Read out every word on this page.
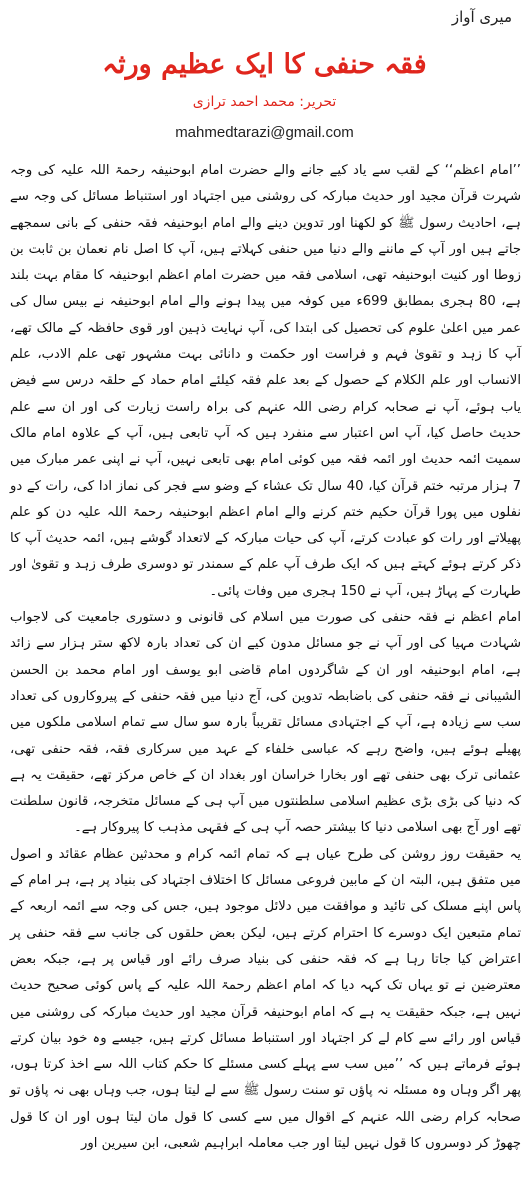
میری آواز
فقہ حنفی کا ایک عظیم ورثہ
تحریر: محمد احمد ترازی
mahmedtarazi@gmail.com

’’امام اعظم‘‘ کے لقب سے یاد کیے جانے والے حضرت امام ابوحنیفہ رحمۃ اللہ علیہ کی وجہ شہرت قرآن مجید اور حدیث مبارکہ کی روشنی میں اجتہاد اور استنباط مسائل کی وجہ سے ہے، احادیث رسول ﷺ کو لکھنا اور تدوین دینے والے امام ابوحنیفہ فقہ حنفی کے بانی سمجھے جاتے ہیں اور آپ کے ماننے والے دنیا میں حنفی کہلاتے ہیں، آپ کا اصل نام نعمان بن ثابت بن زوطا اور کنیت ابوحنیفہ تھی، اسلامی فقہ میں حضرت امام اعظم ابوحنیفہ کا مقام بہت بلند ہے، 80 ہجری بمطابق 699ء میں کوفہ میں پیدا ہونے والے امام ابوحنیفہ نے بیس سال کی عمر میں اعلیٰ علوم کی تحصیل کی ابتدا کی، آپ نہایت ذہین اور قوی حافظہ کے مالک تھے، آپ کا زہد و تقویٰ فہم و فراست اور حکمت و دانائی بہت مشہور تھی علم الادب، علم الانساب اور علم الکلام کے حصول کے بعد علم فقہ کیلئے امام حماد کے حلقہ درس سے فیض یاب ہوئے، آپ نے صحابہ کرام رضی اللہ عنہم کی براہ راست زیارت کی اور ان سے علم حدیث حاصل کیا، آپ اس اعتبار سے منفرد ہیں کہ آپ تابعی ہیں، آپ کے علاوہ امام مالک سمیت ائمہ حدیث اور ائمہ فقہ میں کوئی امام بھی تابعی نہیں، آپ نے اپنی عمر مبارک میں 7 ہزار مرتبہ ختم قرآن کیا، 40 سال تک عشاء کے وضو سے فجر کی نماز ادا کی، رات کے دو نفلوں میں پورا قرآن حکیم ختم کرنے والے امام اعظم ابوحنیفہ رحمۃ اللہ علیہ دن کو علم پھیلاتے اور رات کو عبادت کرتے، آپ کی حیات مبارکہ کے لاتعداد گوشے ہیں، ائمہ حدیث آپ کا ذکر کرتے ہوئے کہتے ہیں کہ ایک طرف آپ علم کے سمندر تو دوسری طرف زہد و تقویٰ اور طہارت کے پہاڑ ہیں، آپ نے 150 ہجری میں وفات پائی۔

امام اعظم نے فقہ حنفی کی صورت میں اسلام کی قانونی و دستوری جامعیت کی لاجواب شہادت مہیا کی اور آپ نے جو مسائل مدون کیے ان کی تعداد بارہ لاکھ ستر ہزار سے زائد ہے، امام ابوحنیفہ اور ان کے شاگردوں امام قاضی ابو یوسف اور امام محمد بن الحسن الشیبانی نے فقہ حنفی کی باضابطہ تدوین کی، آج دنیا میں فقہ حنفی کے پیروکاروں کی تعداد سب سے زیادہ ہے، آپ کے اجتہادی مسائل تقریباً بارہ سو سال سے تمام اسلامی ملکوں میں پھیلے ہوئے ہیں، واضح رہے کہ عباسی خلفاء کے عہد میں سرکاری فقہ، فقہ حنفی تھی، عثمانی ترک بھی حنفی تھے اور بخارا خراسان اور بغداد ان کے خاص مرکز تھے، حقیقت یہ ہے کہ دنیا کی بڑی بڑی عظیم اسلامی سلطنتوں میں آپ ہی کے مسائل متخرجہ، قانون سلطنت تھے اور آج بھی اسلامی دنیا کا بیشتر حصہ آپ ہی کے فقہی مذہب کا پیروکار ہے۔

یہ حقیقت روز روشن کی طرح عیاں ہے کہ تمام ائمہ کرام و محدثین عظام عقائد و اصول میں متفق ہیں، البتہ ان کے مابین فروعی مسائل کا اختلاف اجتہاد کی بنیاد پر ہے، ہر امام کے پاس اپنے مسلک کی تائید و موافقت میں دلائل موجود ہیں، جس کی وجہ سے ائمہ اربعہ کے تمام متبعین ایک دوسرے کا احترام کرتے ہیں، لیکن بعض حلقوں کی جانب سے فقہ حنفی پر اعتراض کیا جاتا رہا ہے کہ فقہ حنفی کی بنیاد صرف رائے اور قیاس پر ہے، جبکہ بعض معترضین نے تو یہاں تک کہہ دیا کہ امام اعظم رحمۃ اللہ علیہ کے پاس کوئی صحیح حدیث نہیں ہے، جبکہ حقیقت یہ ہے کہ امام ابوحنیفہ قرآن مجید اور حدیث مبارکہ کی روشنی میں قیاس اور رائے سے کام لے کر اجتہاد اور استنباط مسائل کرتے ہیں، جیسے وہ خود بیان کرتے ہوئے فرماتے ہیں کہ ’’میں سب سے پہلے کسی مسئلے کا حکم کتاب اللہ سے اخذ کرتا ہوں، پھر اگر وہاں وہ مسئلہ نہ پاؤں تو سنت رسول ﷺ سے لے لیتا ہوں، جب وہاں بھی نہ پاؤں تو صحابہ کرام رضی اللہ عنہم کے اقوال میں سے کسی کا قول مان لیتا ہوں اور ان کا قول چھوڑ کر دوسروں کا قول نہیں لیتا اور جب معاملہ ابراہیم شعبی، ابن سیرین اور
